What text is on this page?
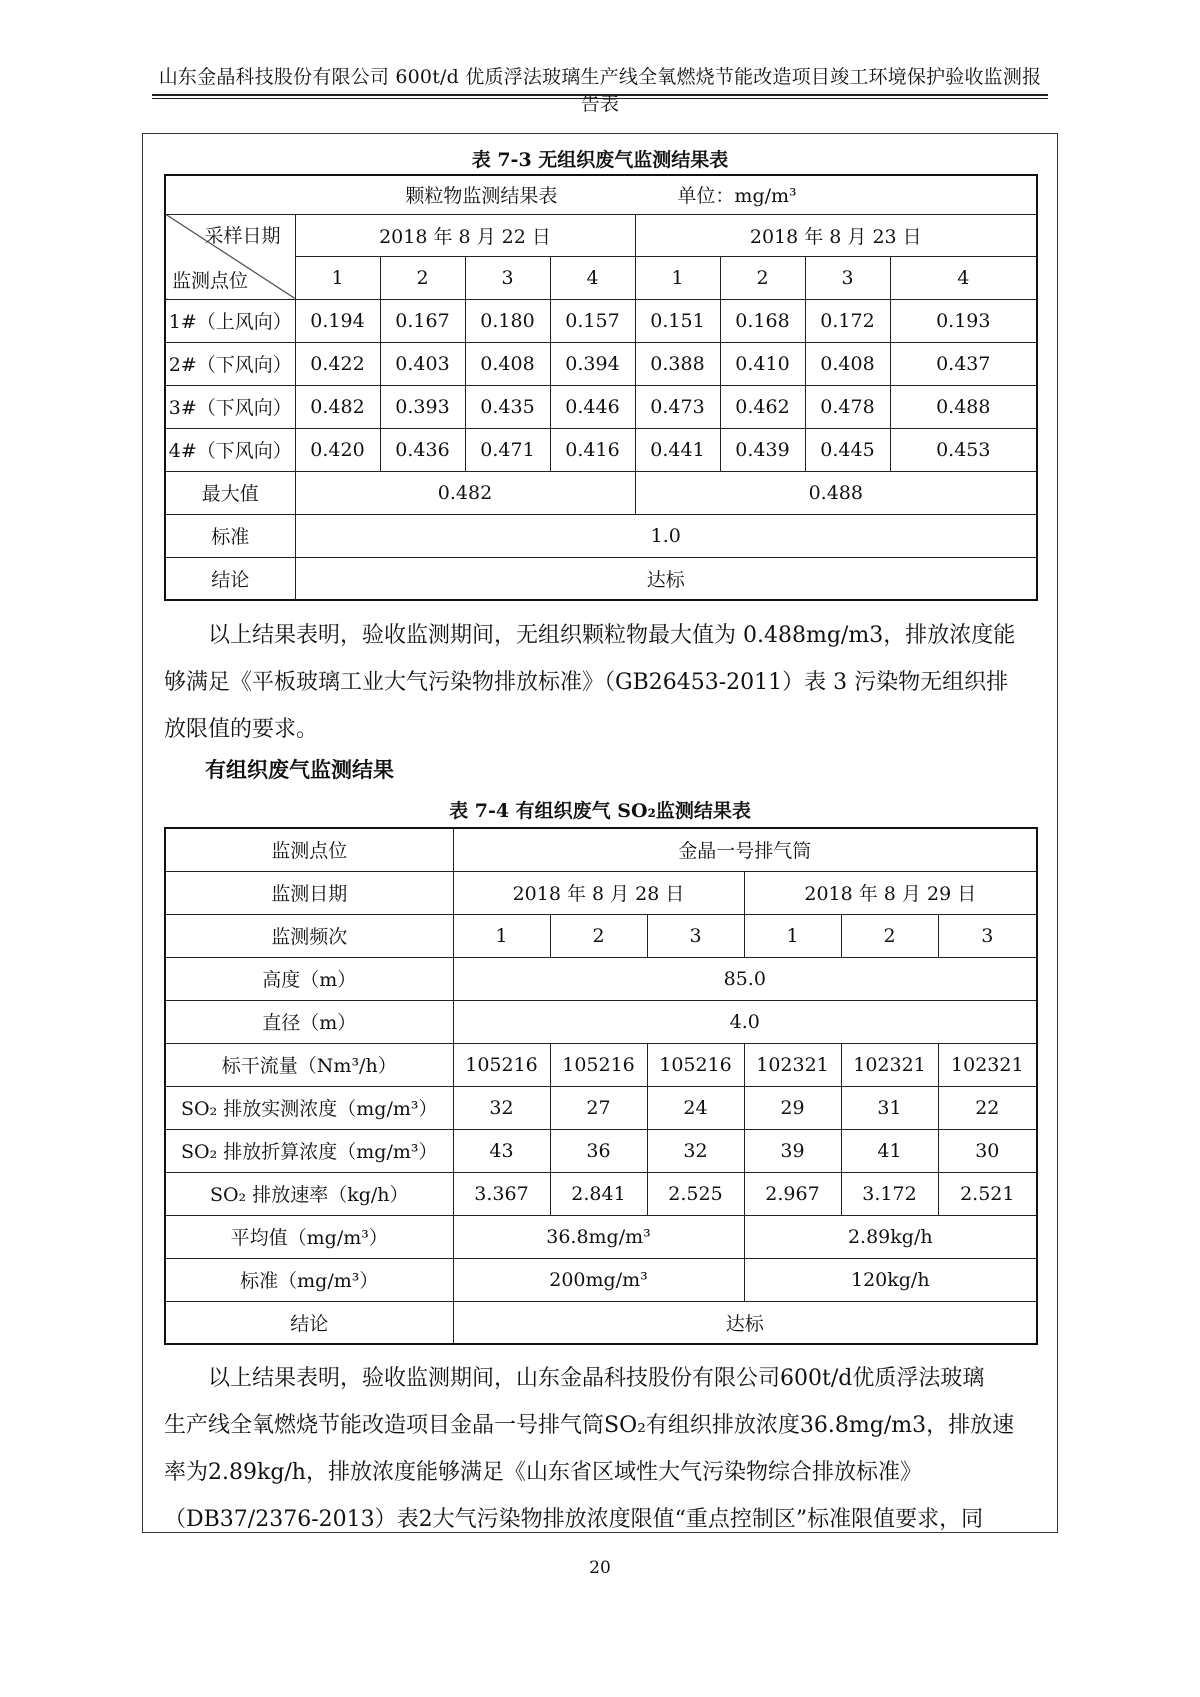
山东金晶科技股份有限公司 600t/d 优质浮法玻璃生产线全氧燃烧节能改造项目竣工环境保护验收监测报告表
表 7-3 无组织废气监测结果表
颗粒物监测结果表 单位：mg/m³								

采样日期
监测点位	2018 年 8 月 22 日				2018 年 8 月 23 日			
	1	2	3	4	1	2	3	4
1#（上风向）	0.194	0.167	0.180	0.157	0.151	0.168	0.172	0.193
2#（下风向）	0.422	0.403	0.408	0.394	0.388	0.410	0.408	0.437
3#（下风向）	0.482	0.393	0.435	0.446	0.473	0.462	0.478	0.488
4#（下风向）	0.420	0.436	0.471	0.416	0.441	0.439	0.445	0.453
最大值	0.482				0.488			
标准	1.0							
结论	达标							
以上结果表明，验收监测期间，无组织颗粒物最大值为 0.488mg/m3，排放浓度能
够满足《平板玻璃工业大气污染物排放标准》（GB26453-2011）表 3 污染物无组织排
放限值的要求。
有组织废气监测结果
表 7-4 有组织废气 SO₂监测结果表
监测点位	金晶一号排气筒					
监测日期	2018 年 8 月 28 日			2018 年 8 月 29 日		
监测频次	1	2	3	1	2	3
高度（m）	85.0					
直径（m）	4.0					
标干流量（Nm³/h）	105216	105216	105216	102321	102321	102321
SO₂ 排放实测浓度（mg/m³）	32	27	24	29	31	22
SO₂ 排放折算浓度（mg/m³）	43	36	32	39	41	30
SO₂ 排放速率（kg/h）	3.367	2.841	2.525	2.967	3.172	2.521
平均值（mg/m³）	36.8mg/m³			2.89kg/h		
标准（mg/m³）	200mg/m³			120kg/h		
结论	达标					
以上结果表明，验收监测期间，山东金晶科技股份有限公司600t/d优质浮法玻璃
生产线全氧燃烧节能改造项目金晶一号排气筒SO₂有组织排放浓度36.8mg/m3，排放速
率为2.89kg/h，排放浓度能够满足《山东省区域性大气污染物综合排放标准》
（DB37/2376-2013）表2大气污染物排放浓度限值“重点控制区”标准限值要求，同
20
